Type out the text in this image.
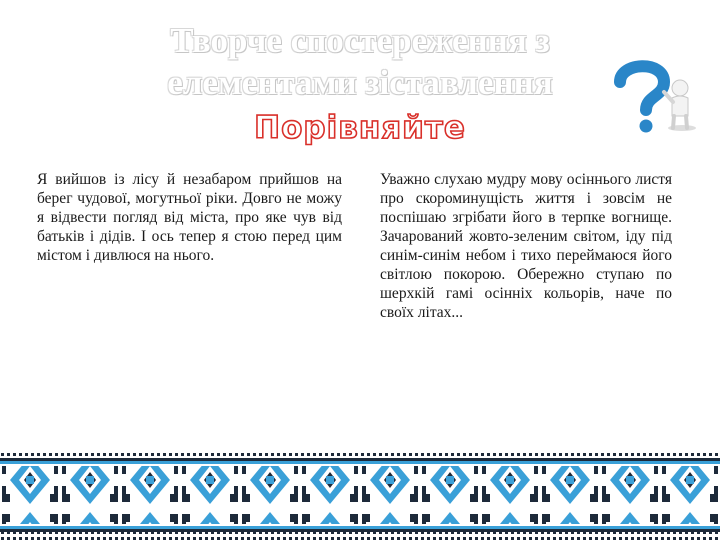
Творче спостереження з
елементами зіставлення
Порівняйте

Я вийшов із лісу й незабаром прийшов на берег чудової, могутньої ріки. Довго не можу я відвести погляд від міста, про яке чув від батьків і дідів. І ось тепер я стою перед цим містом і дивлюся на нього.

Уважно слухаю мудру мову осіннього листя про скороминущість життя і зовсім не поспішаю згрібати його в терпке вогнище. Зачарований жовто-зеленим світом, іду під синім-синім небом і тихо переймаюся його світлою покорою. Обережно ступаю по шерхкій гамі осінніх кольорів, наче по своїх літах...
